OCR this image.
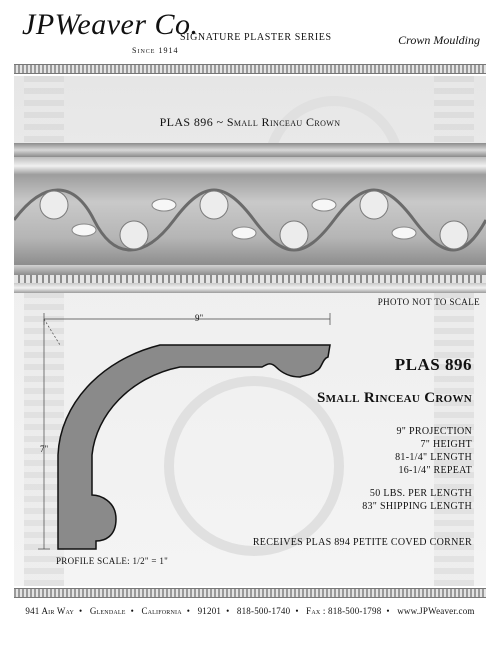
JPWeaver Co.
Since 1914
SIGNATURE PLASTER SERIES	Crown Moulding
PLAS 896 ~ Small Rinceau Crown
PHOTO NOT TO SCALE
9"
7"
PROFILE SCALE: 1/2" = 1"
PLAS 896
Small Rinceau Crown
9" PROJECTION
7" HEIGHT
81-1/4" LENGTH
16-1/4" REPEAT
50 LBS. PER LENGTH
83" SHIPPING LENGTH
RECEIVES PLAS 894 PETITE COVED CORNER
941 Air Way • Glendale • California • 91201 • 818-500-1740 • Fax : 818-500-1798 • www.JPWeaver.com
